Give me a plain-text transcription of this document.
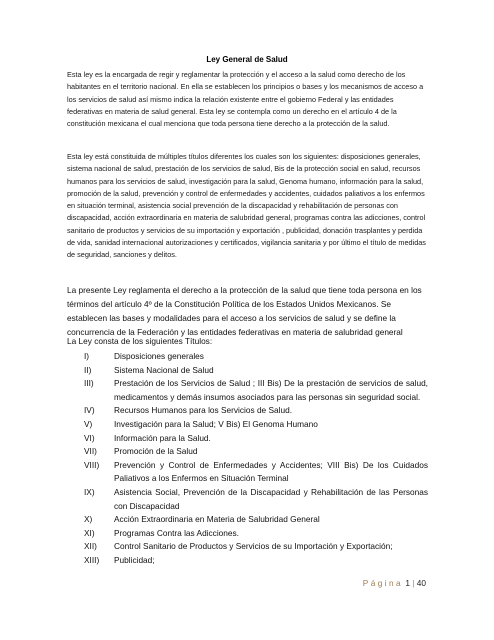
Ley General de Salud

Esta ley es la encargada de regir y reglamentar la protección y el acceso a la salud como derecho de los habitantes en el territorio nacional. En ella se establecen los principios o bases y los mecanismos de acceso a los servicios de salud así mismo indica la relación existente entre el gobierno Federal y las entidades federativas en materia de salud general. Esta ley se contempla como un derecho en el artículo 4 de la constitución mexicana el cual menciona que toda persona tiene derecho a la protección de la salud.

Esta ley está constituida de múltiples títulos diferentes los cuales son los siguientes: disposiciones generales, sistema nacional de salud, prestación de los servicios de salud, Bis de la protección social en salud, recursos humanos para los servicios de salud, investigación para la salud, Genoma humano, información para la salud, promoción de la salud, prevención y control de enfermedades y accidentes, cuidados paliativos a los enfermos en situación terminal, asistencia social prevención de la discapacidad y rehabilitación de personas con discapacidad, acción extraordinaria en materia de salubridad general, programas contra las adicciones, control sanitario de productos y servicios de su importación y exportación , publicidad, donación trasplantes y perdida de vida, sanidad internacional autorizaciones y certificados, vigilancia sanitaria y por último el título de medidas de seguridad, sanciones y delitos.

La presente Ley reglamenta el derecho a la protección de la salud que tiene toda persona en los términos del artículo 4º de la Constitución Política de los Estados Unidos Mexicanos. Se establecen las bases y modalidades para el acceso a los servicios de salud y se define la concurrencia de la Federación y las entidades federativas en materia de salubridad general

La Ley consta de los siguientes Títulos:

I)	Disposiciones generales
II)	Sistema Nacional de Salud
III)	Prestación de los Servicios de Salud ; III Bis) De la prestación de servicios de salud, medicamentos y demás insumos asociados para las personas sin seguridad social.
IV)	Recursos Humanos para los Servicios de Salud.
V)	Investigación para la Salud; V Bis) El Genoma Humano
VI)	Información para la Salud.
VII)	Promoción de la Salud
VIII)	Prevención y Control de Enfermedades y Accidentes; VIII Bis) De los Cuidados Paliativos a los Enfermos en Situación Terminal
IX)	Asistencia Social, Prevención de la Discapacidad y Rehabilitación de las Personas con Discapacidad
X)	Acción Extraordinaria en Materia de Salubridad General
XI)	Programas Contra las Adicciones.
XII)	Control Sanitario de Productos y Servicios de su Importación y Exportación;
XIII)	Publicidad;
Página 1 | 40
